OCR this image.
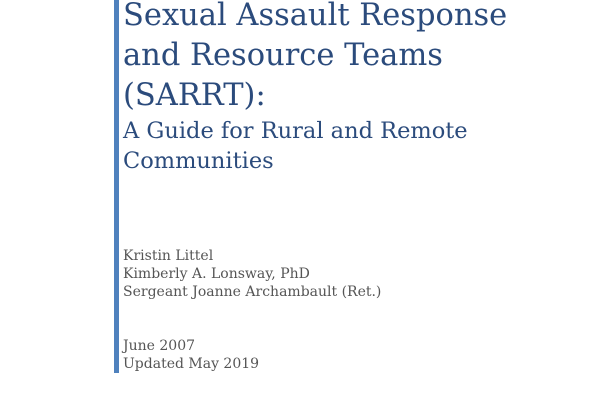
Sexual Assault Response
and Resource Teams
(SARRT):
A Guide for Rural and Remote
Communities
Kristin Littel
Kimberly A. Lonsway, PhD
Sergeant Joanne Archambault (Ret.)
June 2007
Updated May 2019
